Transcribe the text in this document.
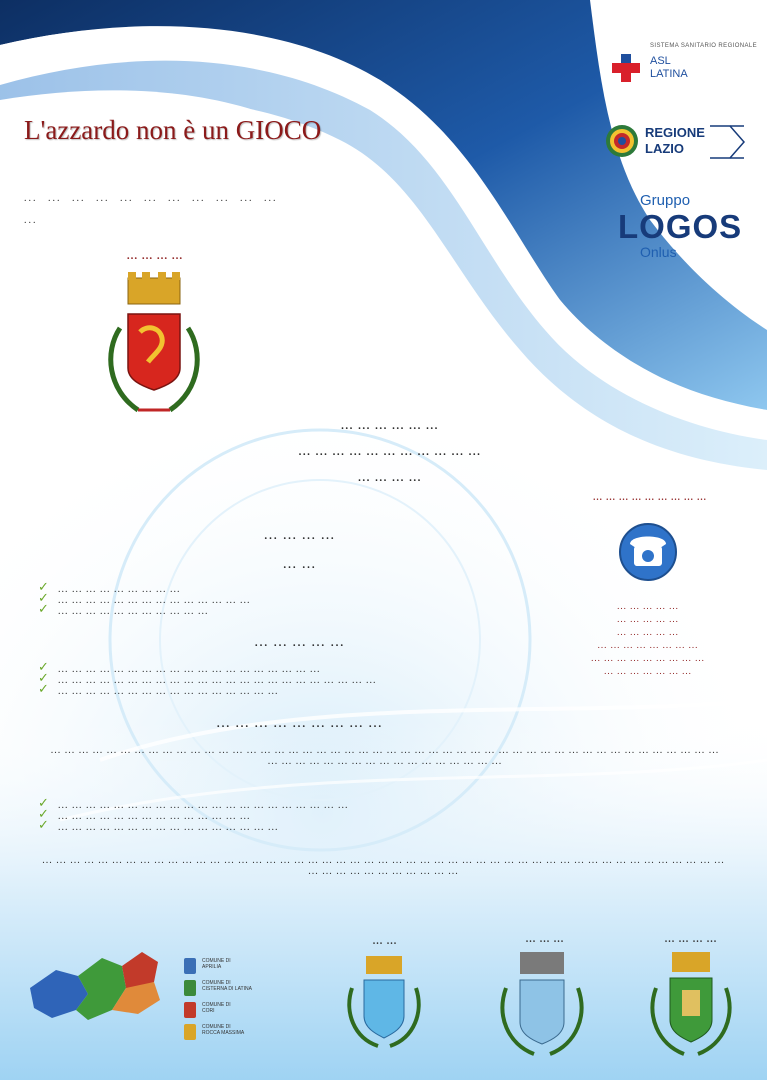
L'azzardo non è un GIOCO
... ... ... ... ... ... ... ... ... ... ... ...
SISTEMA SANITARIO REGIONALE
ASL LATINA
REGIONE LAZIO
Gruppo
LOGOS
Onlus
... ... ... ...
... ... ... ... ... ...
... ... ... ... ... ... ... ... ... ... ...
... ... ... ...
... ... ... ... ... ... ... ... ...
... ... ... ... ...
... ... ... ... ...
... ... ... ... ...
... ... ... ... ... ... ... ...
... ... ... ... ... ... ... ... ...
... ... ... ... ... ... ...
... ... ... ...
... ...
✓ ... ... ... ... ... ... ... ... ...
✓ ... ... ... ... ... ... ... ... ... ... ... ... ... ...
✓ ... ... ... ... ... ... ... ... ... ... ...
... ... ... ... ...
✓ ... ... ... ... ... ... ... ... ... ... ... ... ... ... ... ... ... ... ...
✓ ... ... ... ... ... ... ... ... ... ... ... ... ... ... ... ... ... ... ... ... ... ... ...
✓ ... ... ... ... ... ... ... ... ... ... ... ... ... ... ... ...
... ... ... ... ... ... ... ... ...

... ... ... ... ... ... ... ... ... ... ... ... ... ... ... ... ... ... ... ... ... ... ... ... ... ... ... ... ... ... ... ... ... ... ... ... ... ... ... ... ... ... ... ... ... ... ... ... ... ... ... ... ... ... ... ... ... ... ... ... ... ... ... ... ...

✓ ... ... ... ... ... ... ... ... ... ... ... ... ... ... ... ... ... ... ... ... ...
✓ ... ... ... ... ... ... ... ... ... ... ... ... ... ...
✓ ... ... ... ... ... ... ... ... ... ... ... ... ... ... ... ...

... ... ... ... ... ... ... ... ... ... ... ... ... ... ... ... ... ... ... ... ... ... ... ... ... ... ... ... ... ... ... ... ... ... ... ... ... ... ... ... ... ... ... ... ... ... ... ... ... ... ... ... ... ... ... ... ... ... ... ...

COMUNE DI
APRILIA
COMUNE DI
CISTERNA DI LATINA
COMUNE DI
CORI
COMUNE DI
ROCCA MASSIMA
... ...	... ... ...	... ... ... ...
